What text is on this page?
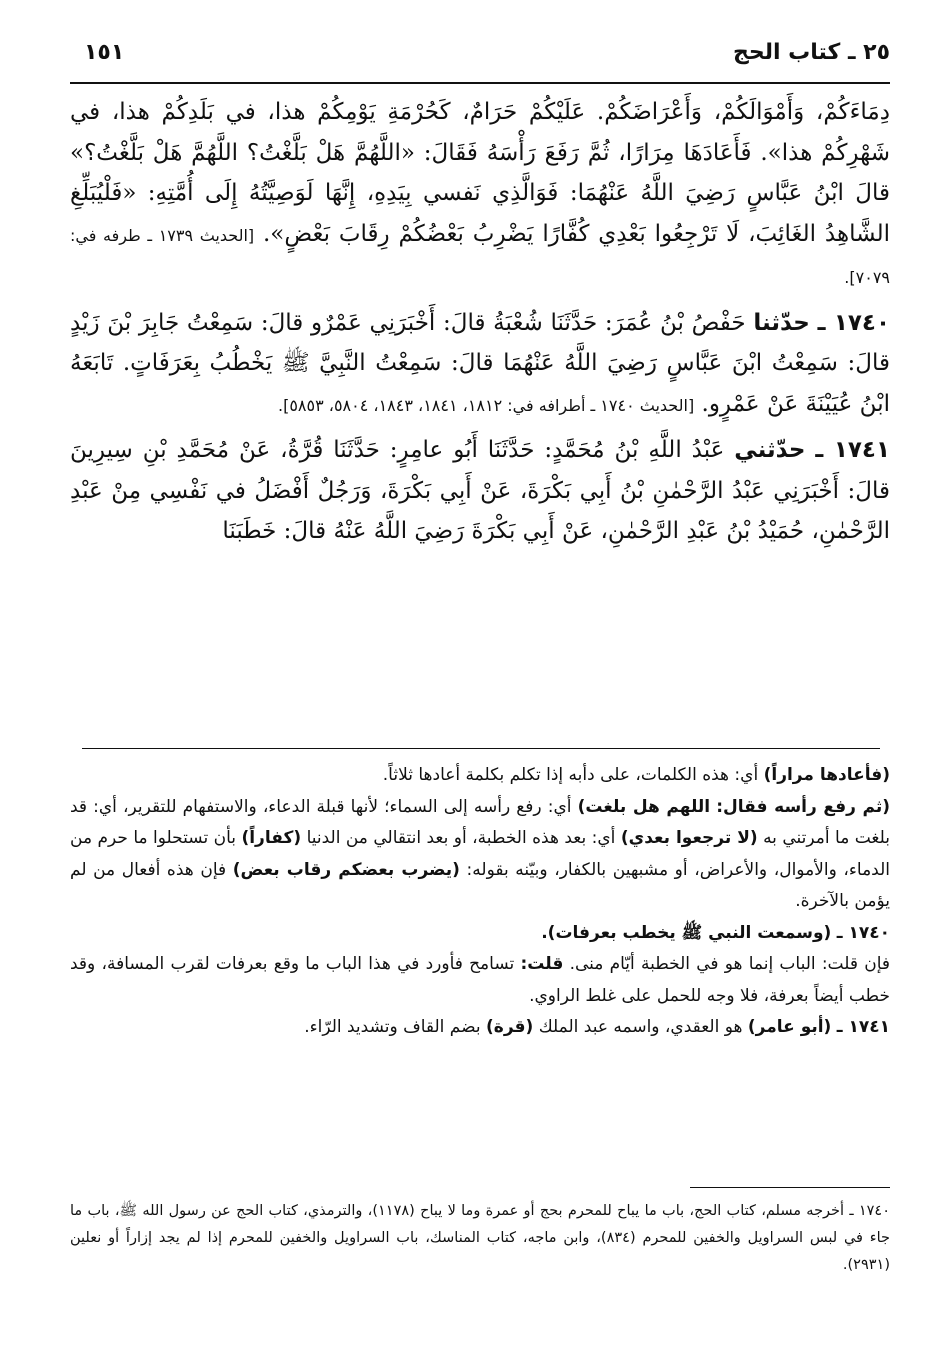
٢٥ ـ كتاب الحج
١٥١

دِمَاءَكُمْ، وَأَمْوَالَكُمْ، وَأَعْرَاضَكُمْ. عَلَيْكُمْ حَرَامٌ، كَحُرْمَةِ يَوْمِكُمْ هذا، في بَلَدِكُمْ هذا، في شَهْرِكُمْ هذا». فَأَعَادَهَا مِرَارًا، ثُمَّ رَفَعَ رَأْسَهُ فَقَالَ: «اللَّهُمَّ هَلْ بَلَّغْتُ؟ اللَّهُمَّ هَلْ بَلَّغْتُ؟» قالَ ابْنُ عَبَّاسٍ رَضِيَ اللَّهُ عَنْهُمَا: فَوَالَّذِي نَفسي بِيَدِهِ، إِنَّهَا لَوَصِيَّتُهُ إِلَى أُمَّتِهِ: «فَلْيُبَلِّغِ الشَّاهِدُ الغَائِبَ، لَا تَرْجِعُوا بَعْدِي كُفَّارًا يَضْرِبُ بَعْضُكُمْ رِقَابَ بَعْضٍ». [الحديث ١٧٣٩ ـ طرفه في: ٧٠٧٩].

١٧٤٠ ـ حدّثنا حَفْصُ بْنُ عُمَرَ: حَدَّثَنَا شُعْبَةُ قالَ: أَخْبَرَنِي عَمْرٌو قالَ: سَمِعْتُ جَابِرَ بْنَ زَيْدٍ قالَ: سَمِعْتُ ابْنَ عَبَّاسٍ رَضِيَ اللَّهُ عَنْهُمَا قالَ: سَمِعْتُ النَّبِيَّ ﷺ يَخْطُبُ بِعَرَفَاتٍ. تَابَعَهُ ابْنُ عُيَيْنَةَ عَنْ عَمْرٍو. [الحديث ١٧٤٠ ـ أطرافه في: ١٨١٢، ١٨٤١، ١٨٤٣، ٥٨٠٤، ٥٨٥٣].

١٧٤١ ـ حدّثني عَبْدُ اللَّهِ بْنُ مُحَمَّدٍ: حَدَّثَنَا أَبُو عامِرٍ: حَدَّثَنَا قُرَّةُ، عَنْ مُحَمَّدِ بْنِ سِيرِينَ قالَ: أَخْبَرَنِي عَبْدُ الرَّحْمٰنِ بْنُ أَبِي بَكْرَةَ، عَنْ أَبِي بَكْرَةَ، وَرَجُلٌ أَفْضَلُ في نَفْسِي مِنْ عَبْدِ الرَّحْمٰنِ، حُمَيْدُ بْنُ عَبْدِ الرَّحْمٰنِ، عَنْ أَبِي بَكْرَةَ رَضِيَ اللَّهُ عَنْهُ قالَ: خَطَبَنَا

(فأعادها مراراً) أي: هذه الكلمات، على دأبه إذا تكلم بكلمة أعادها ثلاثاً.

(ثم رفع رأسه فقال: اللهم هل بلغت) أي: رفع رأسه إلى السماء؛ لأنها قبلة الدعاء، والاستفهام للتقرير، أي: قد بلغت ما أمرتني به (لا ترجعوا بعدي) أي: بعد هذه الخطبة، أو بعد انتقالي من الدنيا (كفاراً) بأن تستحلوا ما حرم من الدماء، والأموال، والأعراض، أو مشبهين بالكفار، وبيّنه بقوله: (يضرب بعضكم رقاب بعض) فإن هذه أفعال من لم يؤمن بالآخرة.

١٧٤٠ ـ (وسمعت النبي ﷺ يخطب بعرفات).

فإن قلت: الباب إنما هو في الخطبة أيّام منى. قلت: تسامح فأورد في هذا الباب ما وقع بعرفات لقرب المسافة، وقد خطب أيضاً بعرفة، فلا وجه للحمل على غلط الراوي.

١٧٤١ ـ (أبو عامر) هو العقدي، واسمه عبد الملك (قرة) بضم القاف وتشديد الرّاء.

١٧٤٠ ـ أخرجه مسلم، كتاب الحج، باب ما يباح للمحرم بحج أو عمرة وما لا يباح (١١٧٨)، والترمذي، كتاب الحج عن رسول الله ﷺ، باب ما جاء في لبس السراويل والخفين للمحرم (٨٣٤)، وابن ماجه، كتاب المناسك، باب السراويل والخفين للمحرم إذا لم يجد إزاراً أو نعلين (٢٩٣١).
